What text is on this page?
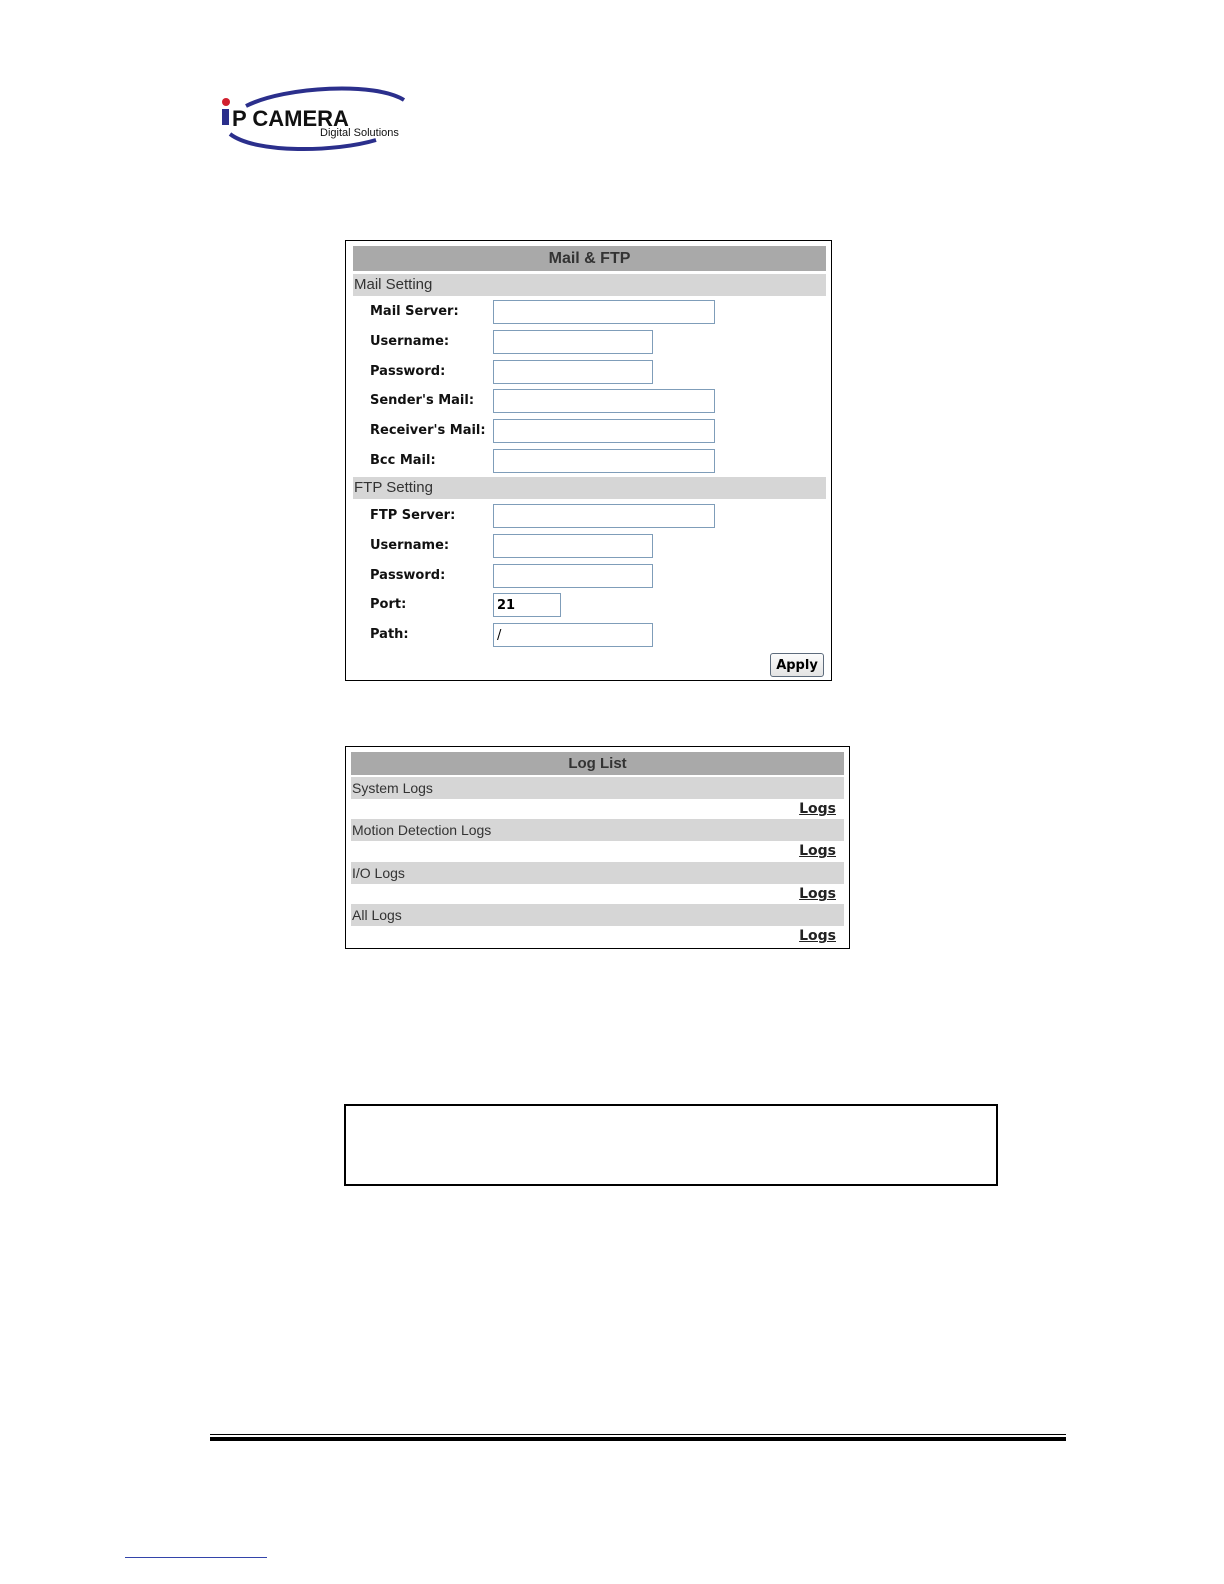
P CAMERA
Digital Solutions
Mail & FTP
Mail Setting
Mail Server:
Username:
Password:
Sender's Mail:
Receiver's Mail:
Bcc Mail:
FTP Setting
FTP Server:
Username:
Password:
Port:
21
Path:
/
Apply
Log List
System Logs
Logs
Motion Detection Logs
Logs
I/O Logs
Logs
All Logs
Logs
